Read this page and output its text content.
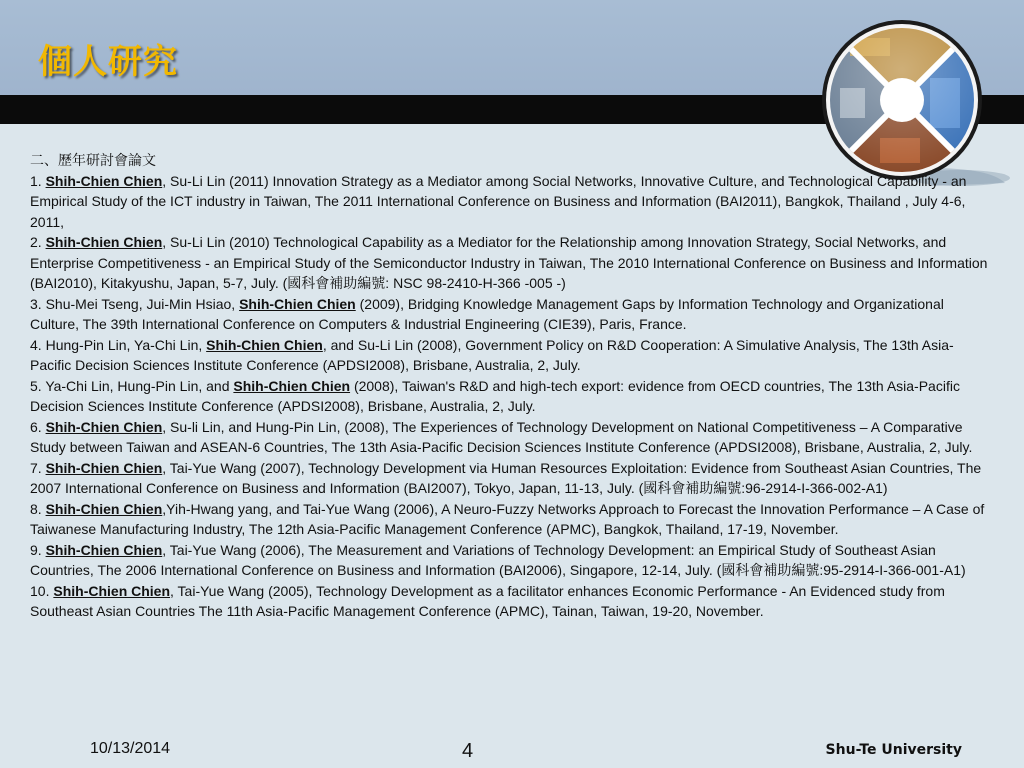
個人研究

二、歷年研討會論文

1. Shih-Chien Chien, Su-Li Lin (2011) Innovation Strategy as a Mediator among Social Networks, Innovative Culture, and Technological Capability - an Empirical Study of the ICT industry in Taiwan, The 2011 International Conference on Business and Information (BAI2011), Bangkok, Thailand , July 4-6, 2011,

2. Shih-Chien Chien, Su-Li Lin (2010) Technological Capability as a Mediator for the Relationship among Innovation Strategy, Social Networks, and Enterprise Competitiveness - an Empirical Study of the Semiconductor Industry in Taiwan, The 2010 International Conference on Business and Information (BAI2010), Kitakyushu, Japan, 5-7, July. (國科會補助編號: NSC 98-2410-H-366 -005 -)

3. Shu-Mei Tseng, Jui-Min Hsiao, Shih-Chien Chien (2009), Bridging Knowledge Management Gaps by Information Technology and Organizational Culture, The 39th International Conference on Computers & Industrial Engineering (CIE39), Paris, France.

4. Hung-Pin Lin, Ya-Chi Lin, Shih-Chien Chien, and Su-Li Lin (2008), Government Policy on R&D Cooperation: A Simulative Analysis, The 13th Asia-Pacific Decision Sciences Institute Conference (APDSI2008), Brisbane, Australia, 2, July.

5. Ya-Chi Lin, Hung-Pin Lin, and Shih-Chien Chien (2008), Taiwanʹs R&D and high-tech export: evidence from OECD countries, The 13th Asia-Pacific Decision Sciences Institute Conference (APDSI2008), Brisbane, Australia, 2, July.

6. Shih-Chien Chien, Su-li Lin, and Hung-Pin Lin, (2008), The Experiences of Technology Development on National Competitiveness – A Comparative Study between Taiwan and ASEAN-6 Countries, The 13th Asia-Pacific Decision Sciences Institute Conference (APDSI2008), Brisbane, Australia, 2, July.

7. Shih-Chien Chien, Tai-Yue Wang (2007), Technology Development via Human Resources Exploitation: Evidence from Southeast Asian Countries, The 2007 International Conference on Business and Information (BAI2007), Tokyo, Japan, 11-13, July. (國科會補助編號:96-2914-I-366-002-A1)

8. Shih-Chien Chien,Yih-Hwang yang, and Tai-Yue Wang (2006), A Neuro-Fuzzy Networks Approach to Forecast the Innovation Performance – A Case of Taiwanese Manufacturing Industry, The 12th Asia-Pacific Management Conference (APMC), Bangkok, Thailand, 17-19, November.

9. Shih-Chien Chien, Tai-Yue Wang (2006), The Measurement and Variations of Technology Development: an Empirical Study of Southeast Asian Countries, The 2006 International Conference on Business and Information (BAI2006), Singapore, 12-14, July. (國科會補助編號:95-2914-I-366-001-A1)

10. Shih-Chien Chien, Tai-Yue Wang (2005), Technology Development as a facilitator enhances Economic Performance - An Evidenced study from Southeast Asian Countries The 11th Asia-Pacific Management Conference (APMC), Tainan, Taiwan, 19-20, November.

10/13/2014	4	Shu-Te University
